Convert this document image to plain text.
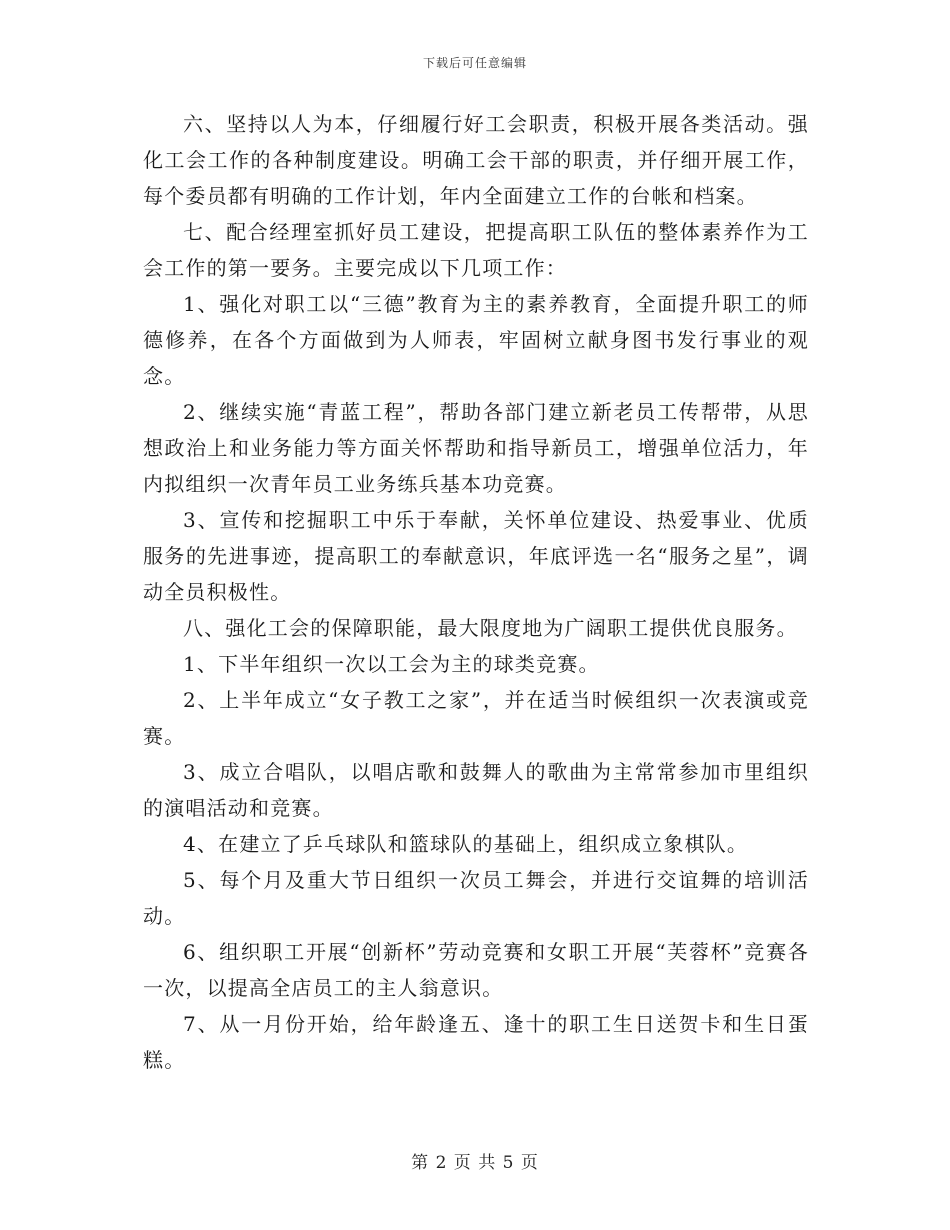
下载后可任意编辑

六、坚持以人为本，仔细履行好工会职责，积极开展各类活动。强化工会工作的各种制度建设。明确工会干部的职责，并仔细开展工作，每个委员都有明确的工作计划，年内全面建立工作的台帐和档案。

七、配合经理室抓好员工建设，把提高职工队伍的整体素养作为工会工作的第一要务。主要完成以下几项工作：

1、强化对职工以“三德”教育为主的素养教育，全面提升职工的师德修养，在各个方面做到为人师表，牢固树立献身图书发行事业的观念。

2、继续实施“青蓝工程”，帮助各部门建立新老员工传帮带，从思想政治上和业务能力等方面关怀帮助和指导新员工，增强单位活力，年内拟组织一次青年员工业务练兵基本功竞赛。

3、宣传和挖掘职工中乐于奉献，关怀单位建设、热爱事业、优质服务的先进事迹，提高职工的奉献意识，年底评选一名“服务之星”，调动全员积极性。

八、强化工会的保障职能，最大限度地为广阔职工提供优良服务。

1、下半年组织一次以工会为主的球类竞赛。

2、上半年成立“女子教工之家”，并在适当时候组织一次表演或竞赛。

3、成立合唱队，以唱店歌和鼓舞人的歌曲为主常常参加市里组织的演唱活动和竞赛。

4、在建立了乒乓球队和篮球队的基础上，组织成立象棋队。

5、每个月及重大节日组织一次员工舞会，并进行交谊舞的培训活动。

6、组织职工开展“创新杯”劳动竞赛和女职工开展“芙蓉杯”竞赛各一次，以提高全店员工的主人翁意识。

7、从一月份开始，给年龄逢五、逢十的职工生日送贺卡和生日蛋糕。

第 2 页 共 5 页
